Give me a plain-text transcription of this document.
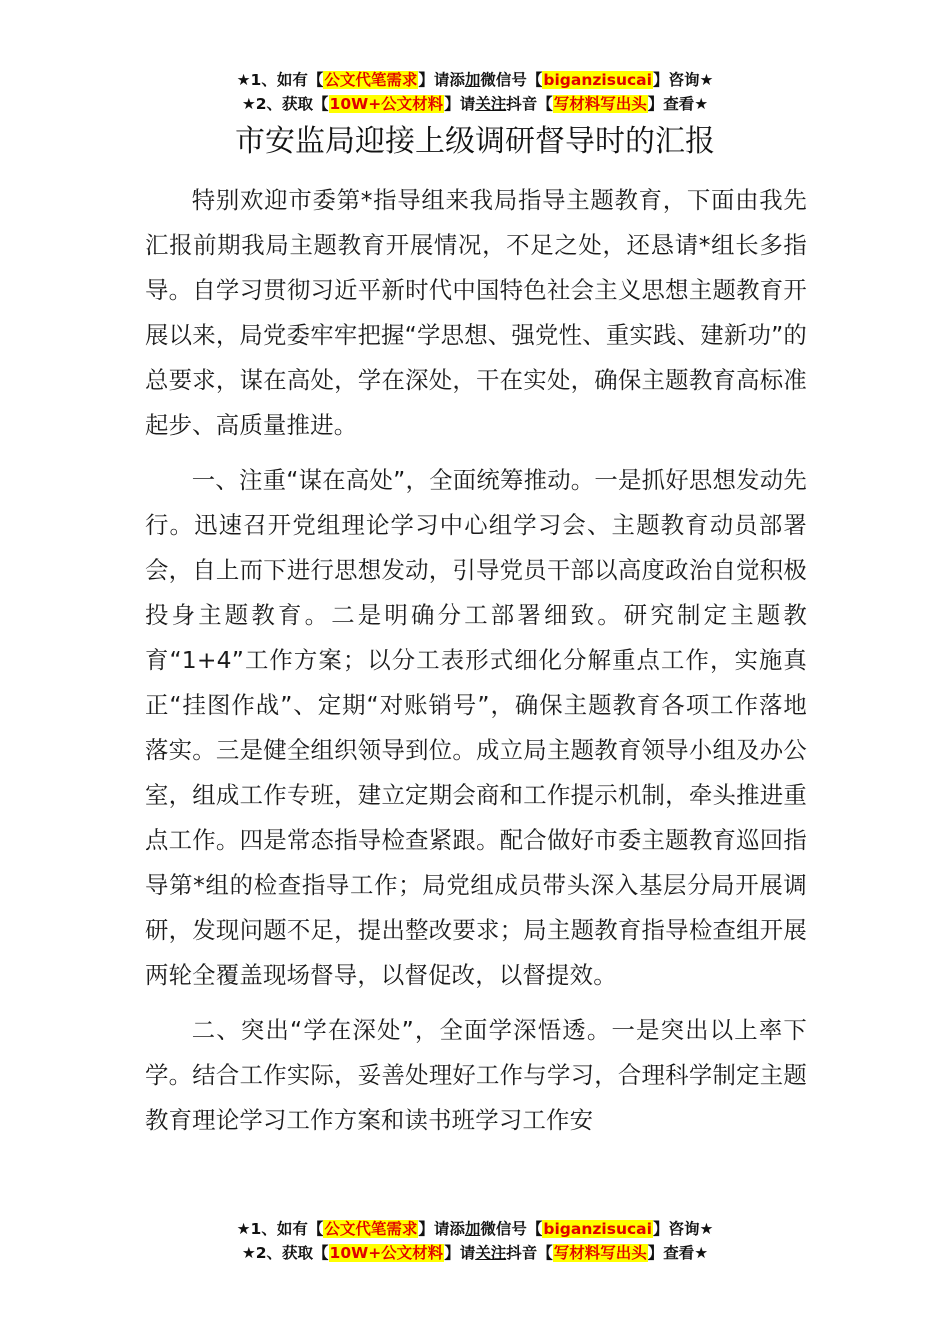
★1、如有【公文代笔需求】请添加微信号【biganzisucai】咨询★
★2、获取【10W+公文材料】请关注抖音【写材料写出头】查看★
市安监局迎接上级调研督导时的汇报

特别欢迎市委第*指导组来我局指导主题教育，下面由我先汇报前期我局主题教育开展情况，不足之处，还恳请*组长多指导。自学习贯彻习近平新时代中国特色社会主义思想主题教育开展以来，局党委牢牢把握“学思想、强党性、重实践、建新功”的总要求，谋在高处，学在深处，干在实处，确保主题教育高标准起步、高质量推进。

一、注重“谋在高处”，全面统筹推动。一是抓好思想发动先行。迅速召开党组理论学习中心组学习会、主题教育动员部署会，自上而下进行思想发动，引导党员干部以高度政治自觉积极投身主题教育。二是明确分工部署细致。研究制定主题教育“1+4”工作方案；以分工表形式细化分解重点工作，实施真正“挂图作战”、定期“对账销号”，确保主题教育各项工作落地落实。三是健全组织领导到位。成立局主题教育领导小组及办公室，组成工作专班，建立定期会商和工作提示机制，牵头推进重点工作。四是常态指导检查紧跟。配合做好市委主题教育巡回指导第*组的检查指导工作；局党组成员带头深入基层分局开展调研，发现问题不足，提出整改要求；局主题教育指导检查组开展两轮全覆盖现场督导，以督促改，以督提效。

二、突出“学在深处”，全面学深悟透。一是突出以上率下学。结合工作实际，妥善处理好工作与学习，合理科学制定主题教育理论学习工作方案和读书班学习工作安

★1、如有【公文代笔需求】请添加微信号【biganzisucai】咨询★
★2、获取【10W+公文材料】请关注抖音【写材料写出头】查看★
